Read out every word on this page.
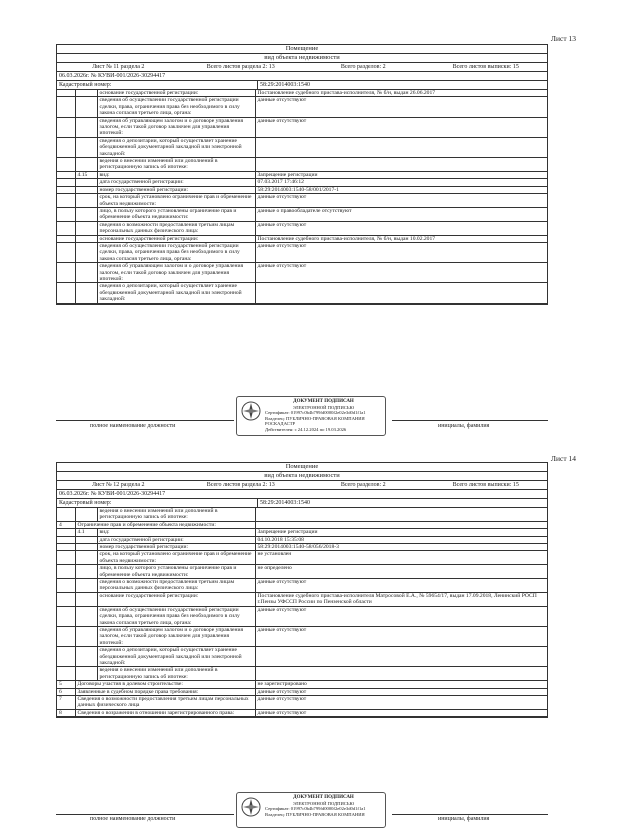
Лист 13
Помещение
вид объекта недвижимости
Лист № 11 раздела 2	Всего листов раздела 2: 13	Всего разделов: 2	Всего листов выписки: 15
06.03.2026г. № КУВИ-001/2026-30294417
Кадастровый номер:	58:29:2014003:1540
		основание государственной регистрации:	Постановление судебного пристава-исполнителя, № б/н, выдан 26.06.2017
		сведения об осуществлении государственной регистрации сделки, права, ограничения права без необходимого в силу закона согласия третьего лица, органа:	данные отсутствуют
		сведения об управляющем залогом и о договоре управления залогом, если такой договор заключен для управления ипотекой:	данные отсутствуют
		сведения о депозитарии, который осуществляет хранение обездвиженной документарной закладной или электронной закладной:	
		ведения о внесении изменений или дополнений в регистрационную запись об ипотеке:	
	4.15	вид:	Запрещение регистрации
		дата государственной регистрации:	07.03.2017 17:46:12
		номер государственной регистрации:	58:29:2014003:1540-58/001/2017-1
		срок, на который установлено ограничение прав и обременение объекта недвижимости:	данные отсутствуют
		лицо, в пользу которого установлены ограничение прав и обременение объекта недвижимости:	данные о правообладателе отсутствуют
		сведения о возможности предоставления третьим лицам персональных данных физического лица:	данные отсутствуют
		основание государственной регистрации:	Постановление судебного пристава-исполнителя, № б/н, выдан 10.02.2017
		сведения об осуществлении государственной регистрации сделки, права, ограничения права без необходимого в силу закона согласия третьего лица, органа:	данные отсутствуют
		сведения об управляющем залогом и о договоре управления залогом, если такой договор заключен для управления ипотекой:	данные отсутствуют
		сведения о депозитарии, который осуществляет хранение обездвиженной документарной закладной или электронной закладной:	
ДОКУМЕНТ ПОДПИСАН
ЭЛЕКТРОННОЙ ПОДПИСЬЮ
Сертификат: 01997c0b4b799fd0000f2e02e3d0d1f1a1
Владелец: ПУБЛИЧНО-ПРАВОВАЯ КОМПАНИЯ
РОСКАДАСТР
Действителен: с 24.12.2024 по 19.03.2026
полное наименование должности	инициалы, фамилия
Лист 14
Помещение
вид объекта недвижимости
Лист № 12 раздела 2	Всего листов раздела 2: 13	Всего разделов: 2	Всего листов выписки: 15
06.03.2026г. № КУВИ-001/2026-30294417
Кадастровый номер:	58:29:2014003:1540
		ведения о внесении изменений или дополнений в регистрационную запись об ипотеке:	
4	Ограничение прав и обременение объекта недвижимости:		
	4.1	вид:	Запрещение регистрации
		дата государственной регистрации:	04.10.2018 15:35:08
		номер государственной регистрации:	58:29:2014003:1540-58/056/2018-3
		срок, на который установлено ограничение прав и обременение объекта недвижимости:	не установлен
		лицо, в пользу которого установлены ограничение прав и обременение объекта недвижимости:	не определено
		сведения о возможности предоставления третьим лицам персональных данных физического лица:	данные отсутствуют
		основание государственной регистрации:	Постановление судебного пристава-исполнителя Матросовой Е.А., № 59654/17, выдан 17.09.2018, Ленинский РОСП г.Пензы УФССП России по Пензенской области
		сведения об осуществлении государственной регистрации сделки, права, ограничения права без необходимого в силу закона согласия третьего лица, органа:	данные отсутствуют
		сведения об управляющем залогом и о договоре управления залогом, если такой договор заключен для управления ипотекой:	данные отсутствуют
		сведения о депозитарии, который осуществляет хранение обездвиженной документарной закладной или электронной закладной:	
		ведения о внесении изменений или дополнений в регистрационную запись об ипотеке:	
5	Договоры участия в долевом строительстве:		не зарегистрировано
6	Заявленные в судебном порядке права требования:		данные отсутствуют
7	Сведения о возможности предоставления третьим лицам персональных данных физического лица		данные отсутствуют
8	Сведения о возражении в отношении зарегистрированного права:		данные отсутствуют
ДОКУМЕНТ ПОДПИСАН
ЭЛЕКТРОННОЙ ПОДПИСЬЮ
Сертификат: 01997c0b4b799fd0000f2e02e3d0d1f1a1
Владелец: ПУБЛИЧНО-ПРАВОВАЯ КОМПАНИЯ
полное наименование должности	инициалы, фамилия
